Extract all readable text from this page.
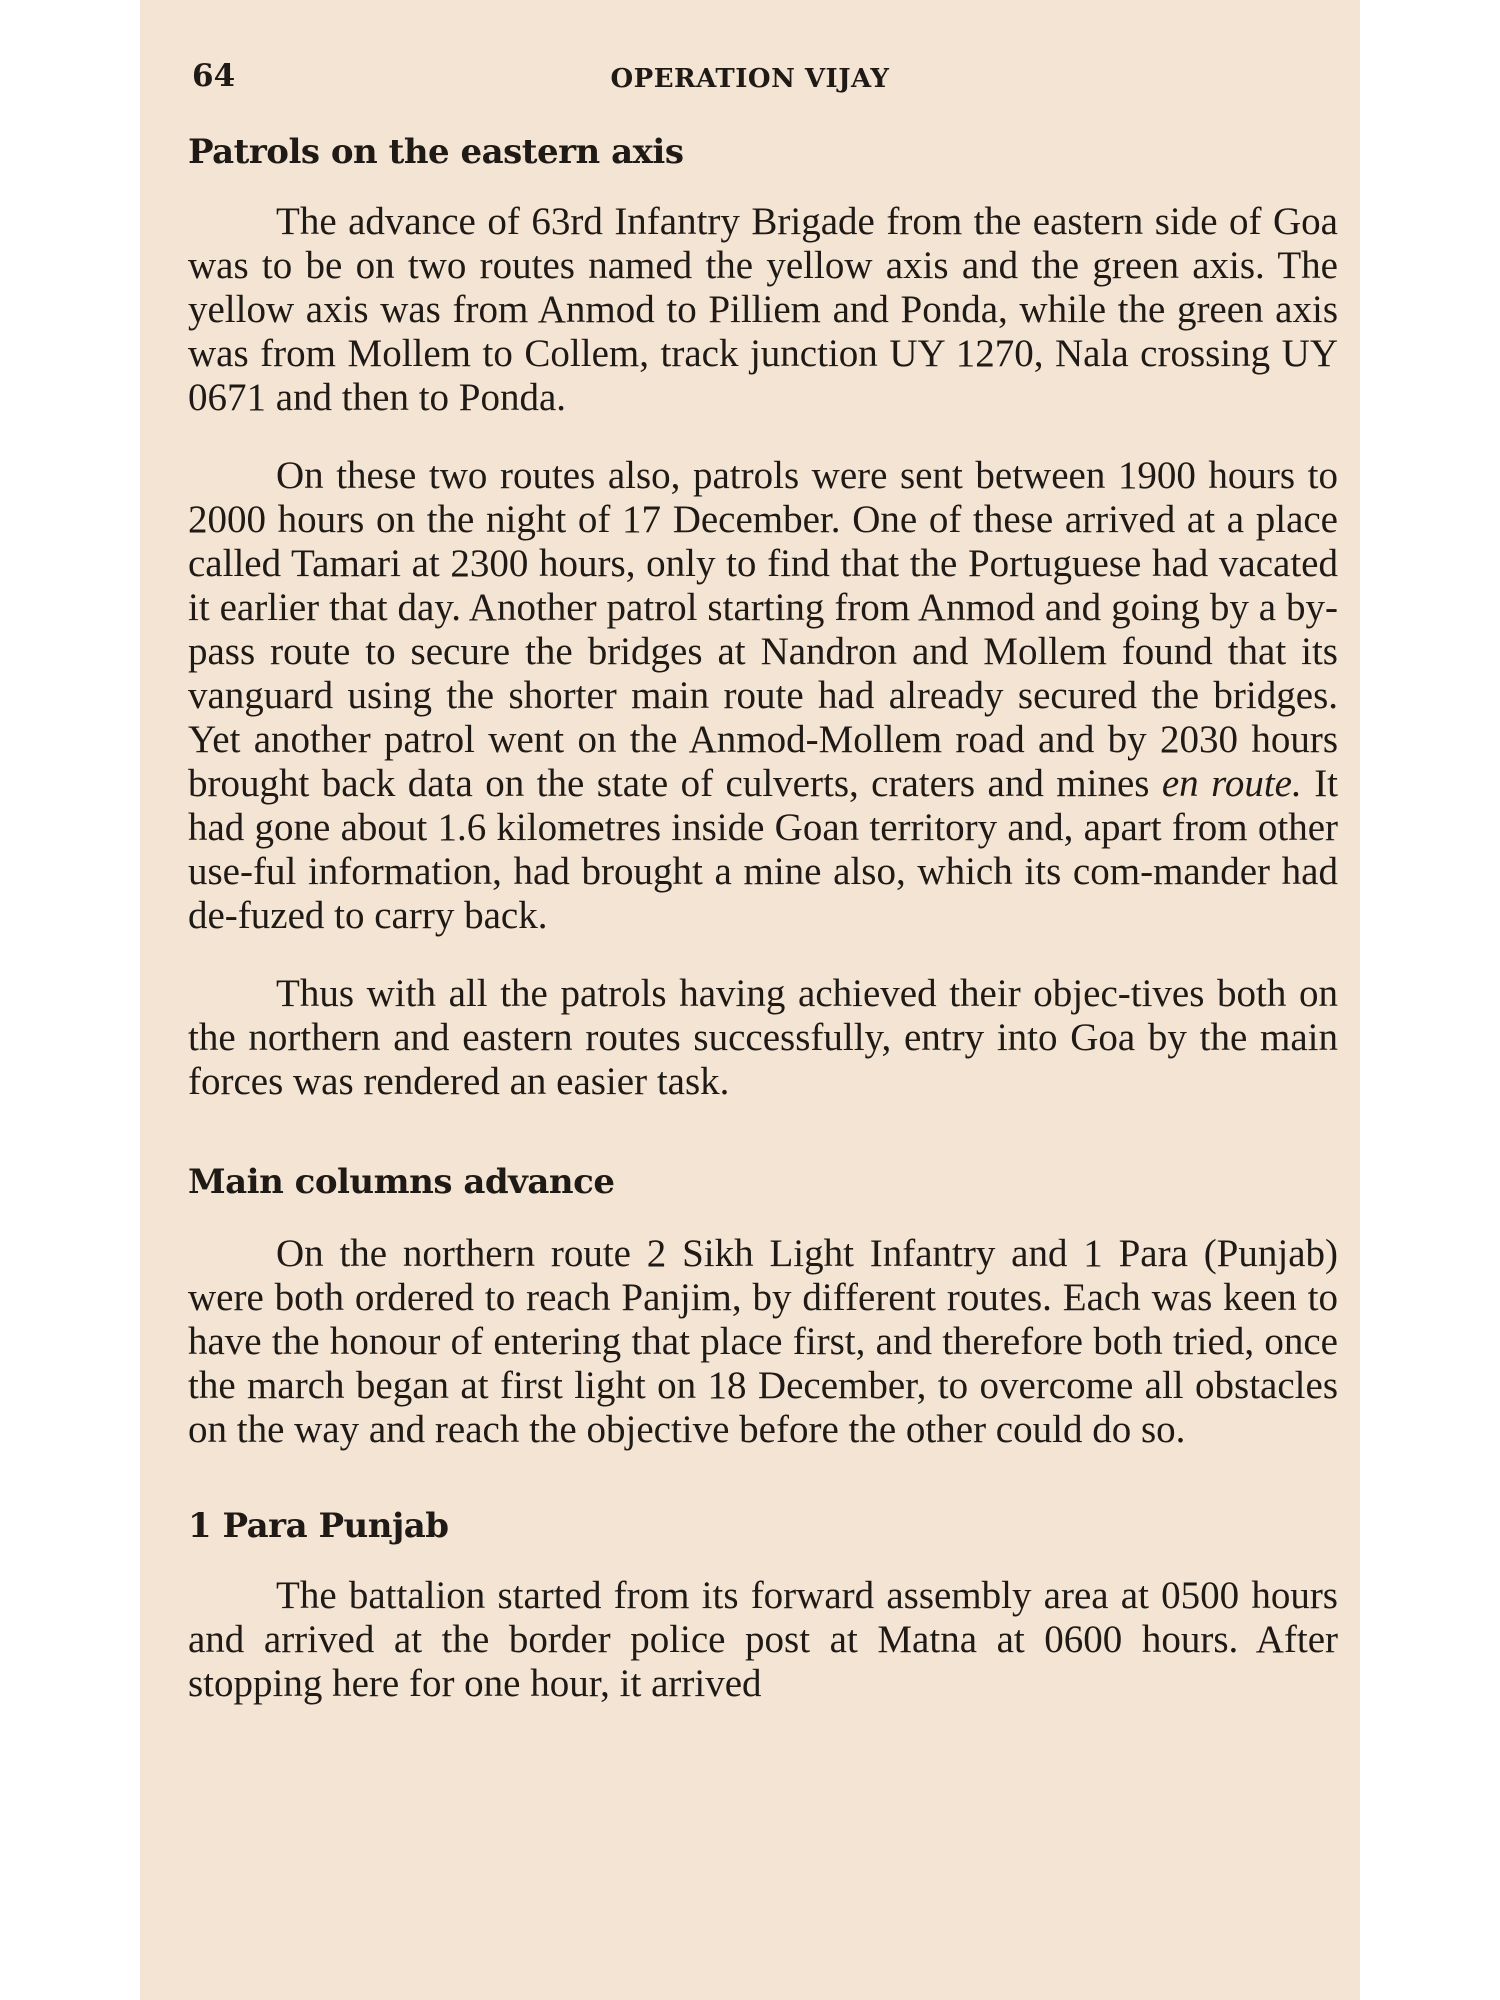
64	OPERATION VIJAY
Patrols on the eastern axis

The advance of 63rd Infantry Brigade from the eastern side of Goa was to be on two routes named the yellow axis and the green axis. The yellow axis was from Anmod to Pilliem and Ponda, while the green axis was from Mollem to Collem, track junction UY 1270, Nala crossing UY 0671 and then to Ponda.

On these two routes also, patrols were sent between 1900 hours to 2000 hours on the night of 17 December. One of these arrived at a place called Tamari at 2300 hours, only to find that the Portuguese had vacated it earlier that day. Another patrol starting from Anmod and going by a by-pass route to secure the bridges at Nandron and Mollem found that its vanguard using the shorter main route had already secured the bridges. Yet another patrol went on the Anmod-Mollem road and by 2030 hours brought back data on the state of culverts, craters and mines en route. It had gone about 1.6 kilometres inside Goan territory and, apart from other use-ful information, had brought a mine also, which its com-mander had de-fuzed to carry back.

Thus with all the patrols having achieved their objec-tives both on the northern and eastern routes successfully, entry into Goa by the main forces was rendered an easier task.

Main columns advance

On the northern route 2 Sikh Light Infantry and 1 Para (Punjab) were both ordered to reach Panjim, by different routes. Each was keen to have the honour of entering that place first, and therefore both tried, once the march began at first light on 18 December, to overcome all obstacles on the way and reach the objective before the other could do so.

1 Para Punjab

The battalion started from its forward assembly area at 0500 hours and arrived at the border police post at Matna at 0600 hours. After stopping here for one hour, it arrived
